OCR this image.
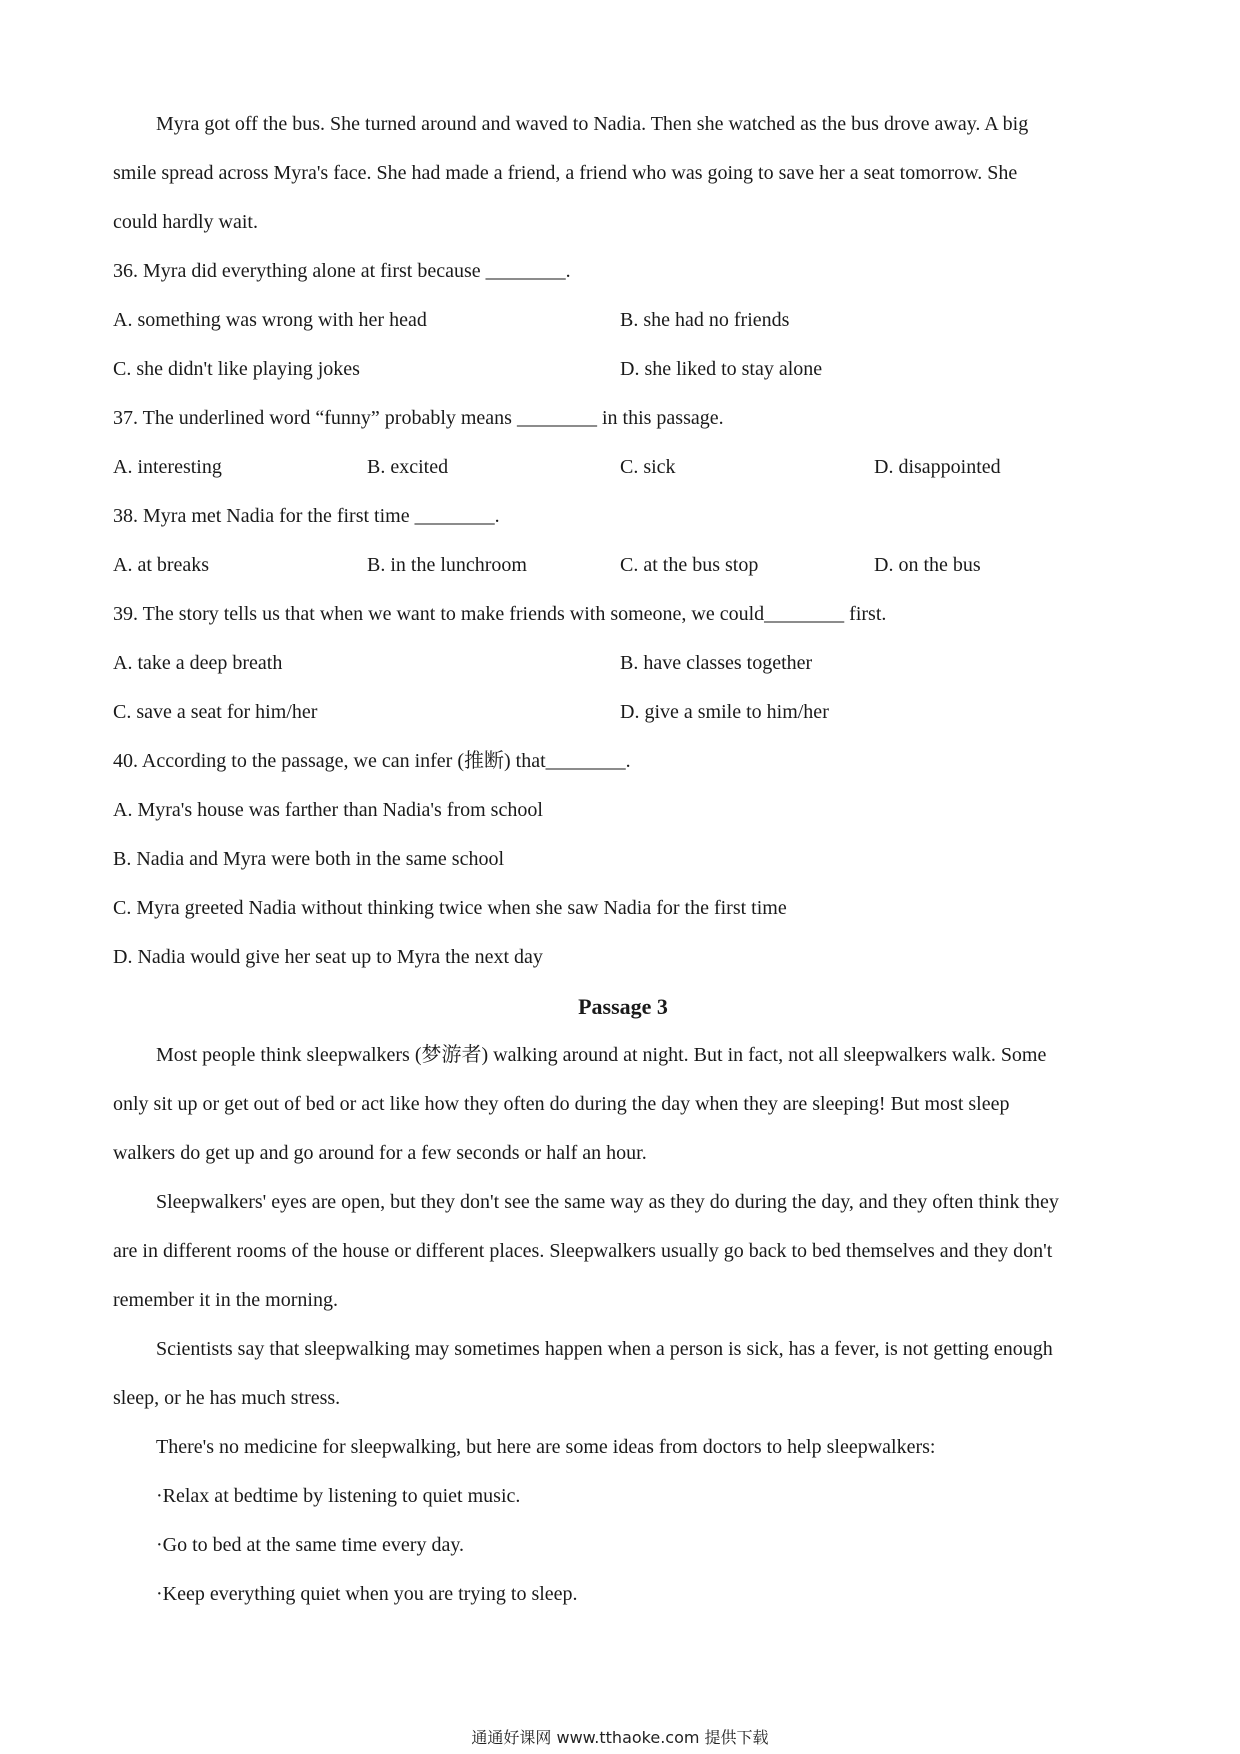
Myra got off the bus. She turned around and waved to Nadia. Then she watched as the bus drove away. A big
smile spread across Myra's face. She had made a friend, a friend who was going to save her a seat tomorrow. She
could hardly wait.
36. Myra did everything alone at first because ________.
A. something was wrong with her head	B. she had no friends
C. she didn't like playing jokes	D. she liked to stay alone
37. The underlined word “funny” probably means ________ in this passage.
A. interesting	B. excited	C. sick	D. disappointed
38. Myra met Nadia for the first time ________.
A. at breaks	B. in the lunchroom	C. at the bus stop	D. on the bus
39. The story tells us that when we want to make friends with someone, we could________ first.
A. take a deep breath	B. have classes together
C. save a seat for him/her	D. give a smile to him/her
40. According to the passage, we can infer (推断) that________.
A. Myra's house was farther than Nadia's from school
B. Nadia and Myra were both in the same school
C. Myra greeted Nadia without thinking twice when she saw Nadia for the first time
D. Nadia would give her seat up to Myra the next day
Passage 3
Most people think sleepwalkers (梦游者) walking around at night. But in fact, not all sleepwalkers walk. Some
only sit up or get out of bed or act like how they often do during the day when they are sleeping! But most sleep
walkers do get up and go around for a few seconds or half an hour.
Sleepwalkers' eyes are open, but they don't see the same way as they do during the day, and they often think they
are in different rooms of the house or different places. Sleepwalkers usually go back to bed themselves and they don't
remember it in the morning.
Scientists say that sleepwalking may sometimes happen when a person is sick, has a fever, is not getting enough
sleep, or he has much stress.
There's no medicine for sleepwalking, but here are some ideas from doctors to help sleepwalkers:
·Relax at bedtime by listening to quiet music.
·Go to bed at the same time every day.
·Keep everything quiet when you are trying to sleep.
通通好课网 www.tthaoke.com 提供下载
